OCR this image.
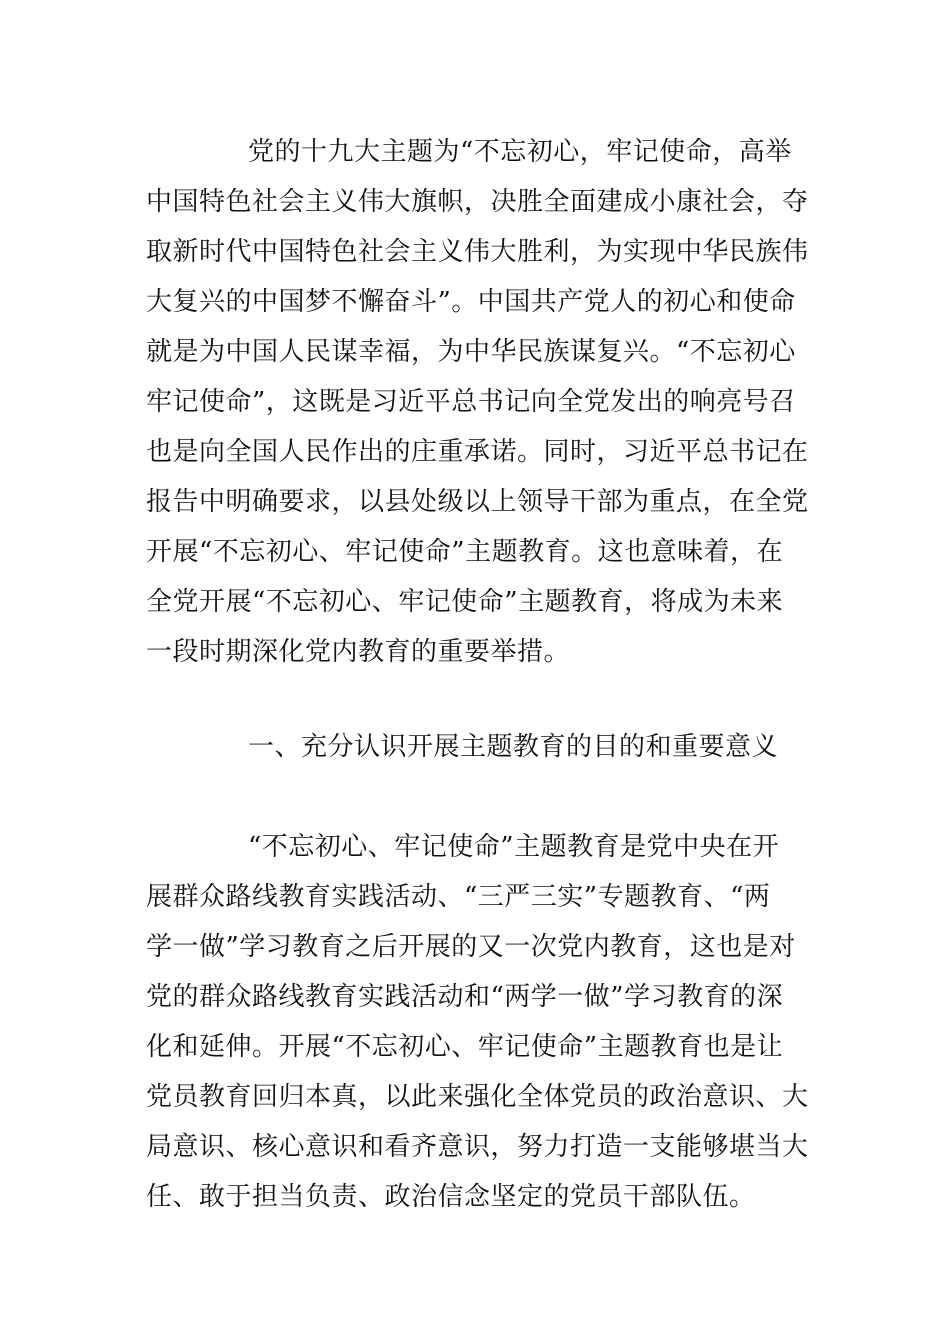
党的十九大主题为“不忘初心，牢记使命，高举
中国特色社会主义伟大旗帜，决胜全面建成小康社会，夺
取新时代中国特色社会主义伟大胜利，为实现中华民族伟
大复兴的中国梦不懈奋斗”。中国共产党人的初心和使命
就是为中国人民谋幸福，为中华民族谋复兴。“不忘初心
牢记使命”，这既是习近平总书记向全党发出的响亮号召
也是向全国人民作出的庄重承诺。同时，习近平总书记在
报告中明确要求，以县处级以上领导干部为重点，在全党
开展“不忘初心、牢记使命”主题教育。这也意味着，在
全党开展“不忘初心、牢记使命”主题教育，将成为未来
一段时期深化党内教育的重要举措。
一、充分认识开展主题教育的目的和重要意义
“不忘初心、牢记使命”主题教育是党中央在开
展群众路线教育实践活动、“三严三实”专题教育、“两
学一做”学习教育之后开展的又一次党内教育，这也是对
党的群众路线教育实践活动和“两学一做”学习教育的深
化和延伸。开展“不忘初心、牢记使命”主题教育也是让
党员教育回归本真，以此来强化全体党员的政治意识、大
局意识、核心意识和看齐意识，努力打造一支能够堪当大
任、敢于担当负责、政治信念坚定的党员干部队伍。
